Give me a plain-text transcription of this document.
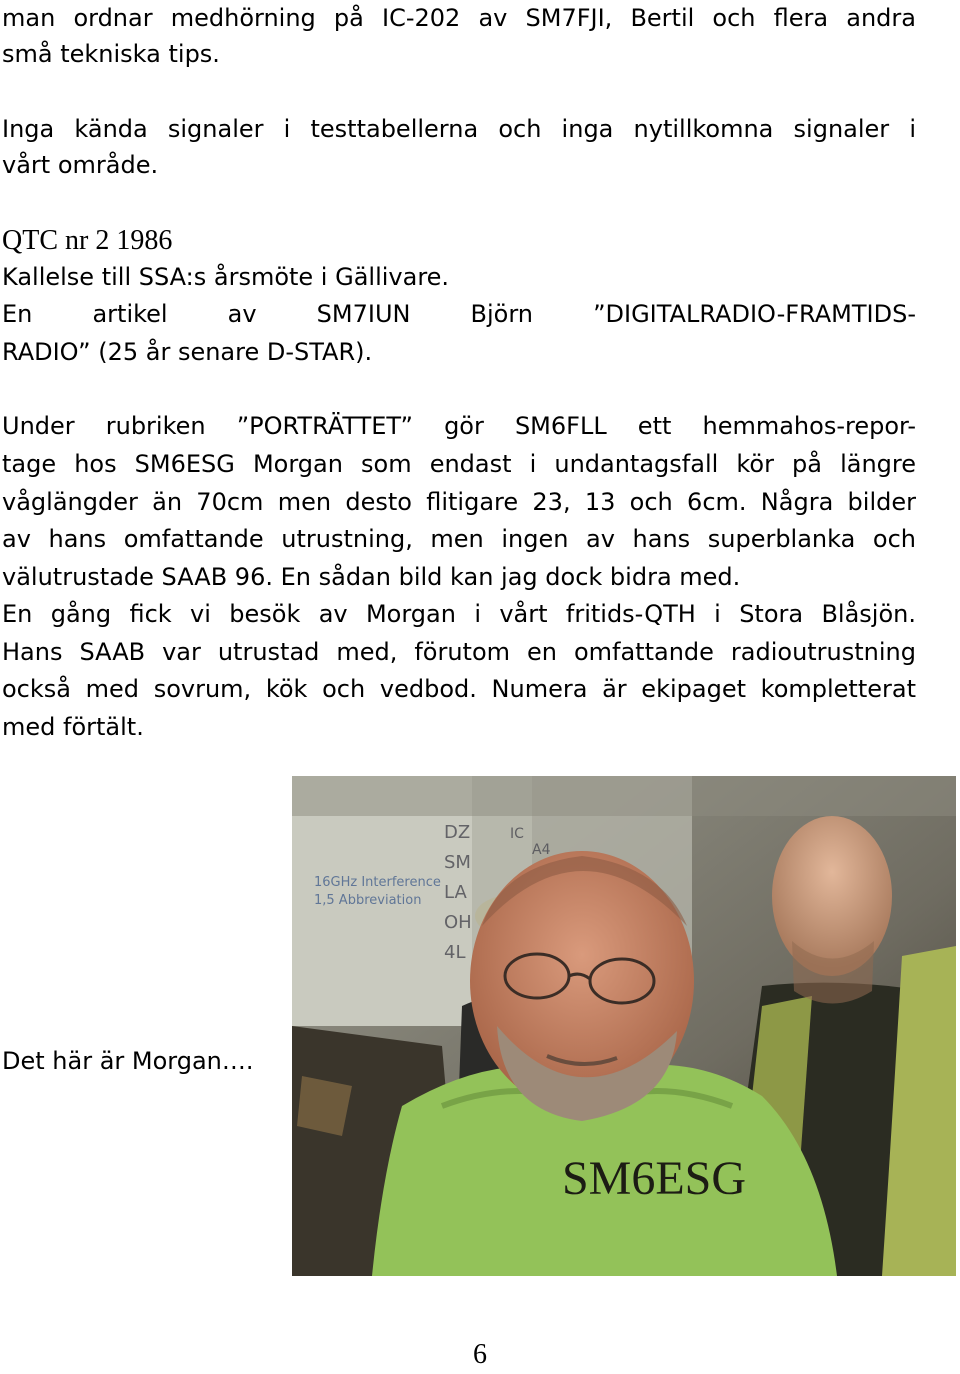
man ordnar medhörning på IC-202 av SM7FJI, Bertil och flera andra
små tekniska tips.
Inga kända signaler i testtabellerna och inga nytillkomna signaler i
vårt område.
QTC nr 2 1986
Kallelse till SSA:s årsmöte i Gällivare.
En artikel av SM7IUN Björn ”DIGITALRADIO-FRAMTIDS-
RADIO” (25 år senare D-STAR).
Under rubriken ”PORTRÄTTET” gör SM6FLL ett hemmahos-repor-
tage hos SM6ESG Morgan som endast i undantagsfall kör på längre
våglängder än 70cm men desto flitigare 23, 13 och 6cm. Några bilder
av hans omfattande utrustning, men ingen av hans superblanka och
välutrustade SAAB 96. En sådan bild kan jag dock bidra med.
En gång fick vi besök av Morgan i vårt fritids-QTH i Stora Blåsjön.
Hans SAAB var utrustad med, förutom en omfattande radioutrustning
också med sovrum, kök och vedbod. Numera är ekipaget kompletterat
med förtält.
16GHz Interference
1,5 Abbreviation
DZ
SM
LA
OH
4L
IC
A4
SM6ESG
Det här är Morgan….
6
